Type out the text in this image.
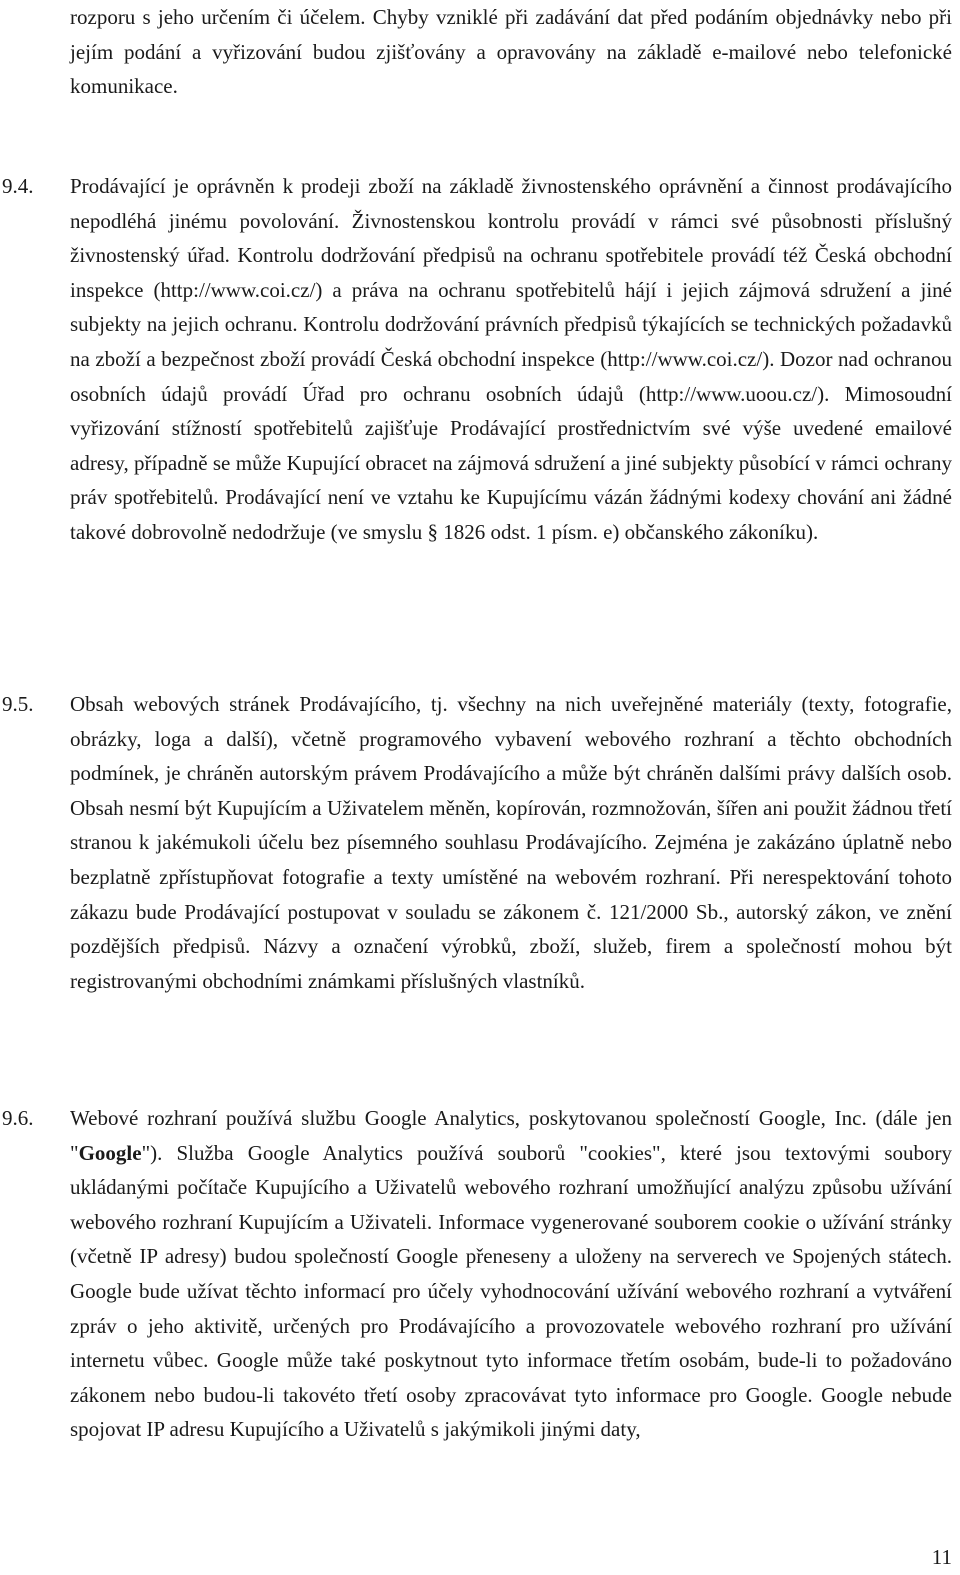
rozporu s jeho určením či účelem. Chyby vzniklé při zadávání dat před podáním objednávky nebo při jejím podání a vyřizování budou zjišťovány a opravovány na základě e-mailové nebo telefonické komunikace.

9.4.	Prodávající je oprávněn k prodeji zboží na základě živnostenského oprávnění a činnost prodávajícího nepodléhá jinému povolování. Živnostenskou kontrolu provádí v rámci své působnosti příslušný živnostenský úřad. Kontrolu dodržování předpisů na ochranu spotřebitele provádí též Česká obchodní inspekce (http://www.coi.cz/) a práva na ochranu spotřebitelů hájí i jejich zájmová sdružení a jiné subjekty na jejich ochranu. Kontrolu dodržování právních předpisů týkajících se technických požadavků na zboží a bezpečnost zboží provádí Česká obchodní inspekce (http://www.coi.cz/). Dozor nad ochranou osobních údajů provádí Úřad pro ochranu osobních údajů (http://www.uoou.cz/). Mimosoudní vyřizování stížností spotřebitelů zajišťuje Prodávající prostřednictvím své výše uvedené emailové adresy, případně se může Kupující obracet na zájmová sdružení a jiné subjekty působící v rámci ochrany práv spotřebitelů. Prodávající není ve vztahu ke Kupujícímu vázán žádnými kodexy chování ani žádné takové dobrovolně nedodržuje (ve smyslu § 1826 odst. 1 písm. e) občanského zákoníku).

9.5.	Obsah webových stránek Prodávajícího, tj. všechny na nich uveřejněné materiály (texty, fotografie, obrázky, loga a další), včetně programového vybavení webového rozhraní a těchto obchodních podmínek, je chráněn autorským právem Prodávajícího a může být chráněn dalšími právy dalších osob. Obsah nesmí být Kupujícím a Uživatelem měněn, kopírován, rozmnožován, šířen ani použit žádnou třetí stranou k jakémukoli účelu bez písemného souhlasu Prodávajícího. Zejména je zakázáno úplatně nebo bezplatně zpřístupňovat fotografie a texty umístěné na webovém rozhraní. Při nerespektování tohoto zákazu bude Prodávající postupovat v souladu se zákonem č. 121/2000 Sb., autorský zákon, ve znění pozdějších předpisů. Názvy a označení výrobků, zboží, služeb, firem a společností mohou být registrovanými obchodními známkami příslušných vlastníků.

9.6.	Webové rozhraní používá službu Google Analytics, poskytovanou společností Google, Inc. (dále jen "Google"). Služba Google Analytics používá souborů "cookies", které jsou textovými soubory ukládanými počítače Kupujícího a Uživatelů webového rozhraní umožňující analýzu způsobu užívání webového rozhraní Kupujícím a Uživateli. Informace vygenerované souborem cookie o užívání stránky (včetně IP adresy) budou společností Google přeneseny a uloženy na serverech ve Spojených státech. Google bude užívat těchto informací pro účely vyhodnocování užívání webového rozhraní a vytváření zpráv o jeho aktivitě, určených pro Prodávajícího a provozovatele webového rozhraní pro užívání internetu vůbec. Google může také poskytnout tyto informace třetím osobám, bude-li to požadováno zákonem nebo budou-li takovéto třetí osoby zpracovávat tyto informace pro Google. Google nebude spojovat IP adresu Kupujícího a Uživatelů s jakýmikoli jinými daty,

11
